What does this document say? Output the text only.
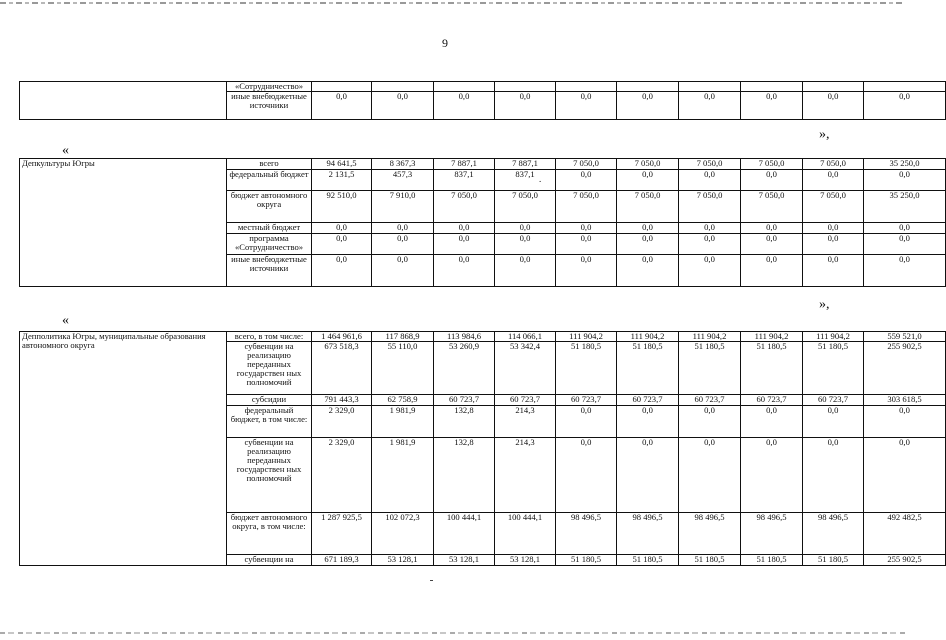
9
	«Сотрудничество»										
	иные внебюджетные источники	0,0	0,0	0,0	0,0	0,0	0,0	0,0	0,0	0,0	0,0
«
»,
Депкультуры Югры	всего	94 641,5	8 367,3	7 887,1	7 887,1	7 050,0	7 050,0	7 050,0	7 050,0	7 050,0	35 250,0
	федеральный бюджет	2 131,5	457,3	837,1	837,1	0,0	0,0	0,0	0,0	0,0	0,0
	бюджет автономного округа	92 510,0	7 910,0	7 050,0	7 050,0	7 050,0	7 050,0	7 050,0	7 050,0	7 050,0	35 250,0
	местный бюджет	0,0	0,0	0,0	0,0	0,0	0,0	0,0	0,0	0,0	0,0
	программа «Сотрудничество»	0,0	0,0	0,0	0,0	0,0	0,0	0,0	0,0	0,0	0,0
	иные внебюджетные источники	0,0	0,0	0,0	0,0	0,0	0,0	0,0	0,0	0,0	0,0
.
«
»,
Депполитика Югры, муниципальные образования автономного округа	всего, в том числе:	1 464 961,6	117 868,9	113 984,6	114 066,1	111 904,2	111 904,2	111 904,2	111 904,2	111 904,2	559 521,0
	субвенции на реализацию переданных государствен ных полномочий	673 518,3	55 110,0	53 260,9	53 342,4	51 180,5	51 180,5	51 180,5	51 180,5	51 180,5	255 902,5
	субсидии	791 443,3	62 758,9	60 723,7	60 723,7	60 723,7	60 723,7	60 723,7	60 723,7	60 723,7	303 618,5
	федеральный бюджет, в том числе:	2 329,0	1 981,9	132,8	214,3	0,0	0,0	0,0	0,0	0,0	0,0
	субвенции на реализацию переданных государствен ных полномочий	2 329,0	1 981,9	132,8	214,3	0,0	0,0	0,0	0,0	0,0	0,0
	бюджет автономного округа, в том числе:	1 287 925,5	102 072,3	100 444,1	100 444,1	98 496,5	98 496,5	98 496,5	98 496,5	98 496,5	492 482,5
	субвенции на	671 189,3	53 128,1	53 128,1	53 128,1	51 180,5	51 180,5	51 180,5	51 180,5	51 180,5	255 902,5
